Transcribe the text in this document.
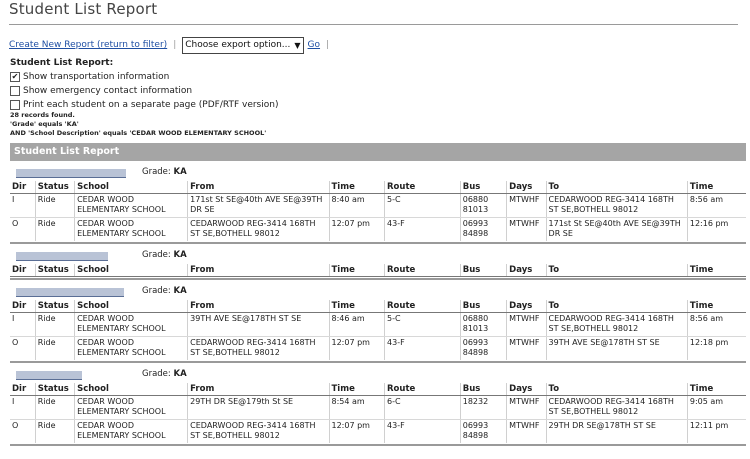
Student List Report
Create New Report (return to filter) | Choose export option... ▼ Go |
Student List Report:
✔ Show transportation information
Show emergency contact information
Print each student on a separate page (PDF/RTF version)
28 records found.
'Grade' equals 'KA'
AND 'School Description' equals 'CEDAR WOOD ELEMENTARY SCHOOL'
Student List Report
Grade: KA
Dir	Status	School	From	Time	Route	Bus	Days	To	Time
I	Ride	CEDAR WOOD ELEMENTARY SCHOOL	171st St SE@40th AVE SE@39TH DR SE	8:40 am	5-C	06880 81013	MTWHF	CEDARWOOD REG-3414 168TH ST SE,BOTHELL 98012	8:56 am
O	Ride	CEDAR WOOD ELEMENTARY SCHOOL	CEDARWOOD REG-3414 168TH ST SE,BOTHELL 98012	12:07 pm	43-F	06993 84898	MTWHF	171st St SE@40th AVE SE@39TH DR SE	12:16 pm
Grade: KA
Dir	Status	School	From	Time	Route	Bus	Days	To	Time
Grade: KA
Dir	Status	School	From	Time	Route	Bus	Days	To	Time
I	Ride	CEDAR WOOD ELEMENTARY SCHOOL	39TH AVE SE@178TH ST SE	8:46 am	5-C	06880 81013	MTWHF	CEDARWOOD REG-3414 168TH ST SE,BOTHELL 98012	8:56 am
O	Ride	CEDAR WOOD ELEMENTARY SCHOOL	CEDARWOOD REG-3414 168TH ST SE,BOTHELL 98012	12:07 pm	43-F	06993 84898	MTWHF	39TH AVE SE@178TH ST SE	12:18 pm
Grade: KA
Dir	Status	School	From	Time	Route	Bus	Days	To	Time
I	Ride	CEDAR WOOD ELEMENTARY SCHOOL	29TH DR SE@179th St SE	8:54 am	6-C	18232	MTWHF	CEDARWOOD REG-3414 168TH ST SE,BOTHELL 98012	9:05 am
O	Ride	CEDAR WOOD ELEMENTARY SCHOOL	CEDARWOOD REG-3414 168TH ST SE,BOTHELL 98012	12:07 pm	43-F	06993 84898	MTWHF	29TH DR SE@178TH ST SE	12:11 pm
